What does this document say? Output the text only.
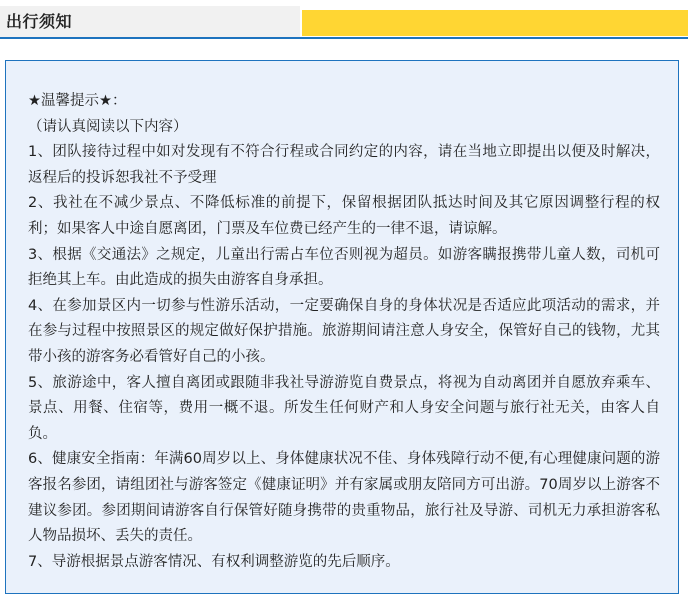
出行须知

★温馨提示★：

（请认真阅读以下内容）

1、团队接待过程中如对发现有不符合行程或合同约定的内容，请在当地立即提出以便及时解决，返程后的投诉恕我社不予受理

2、我社在不减少景点、不降低标准的前提下，保留根据团队抵达时间及其它原因调整行程的权利；如果客人中途自愿离团，门票及车位费已经产生的一律不退，请谅解。

3、根据《交通法》之规定，儿童出行需占车位否则视为超员。如游客瞒报携带儿童人数，司机可拒绝其上车。由此造成的损失由游客自身承担。

4、在参加景区内一切参与性游乐活动，一定要确保自身的身体状况是否适应此项活动的需求，并在参与过程中按照景区的规定做好保护措施。旅游期间请注意人身安全，保管好自己的钱物，尤其带小孩的游客务必看管好自己的小孩。

5、旅游途中，客人擅自离团或跟随非我社导游游览自费景点，将视为自动离团并自愿放弃乘车、景点、用餐、住宿等，费用一概不退。所发生任何财产和人身安全问题与旅行社无关，由客人自负。

6、健康安全指南：年满60周岁以上、身体健康状况不佳、身体残障行动不便,有心理健康问题的游客报名参团，请组团社与游客签定《健康证明》并有家属或朋友陪同方可出游。70周岁以上游客不建议参团。参团期间请游客自行保管好随身携带的贵重物品，旅行社及导游、司机无力承担游客私人物品损坏、丢失的责任。

7、导游根据景点游客情况、有权利调整游览的先后顺序。
